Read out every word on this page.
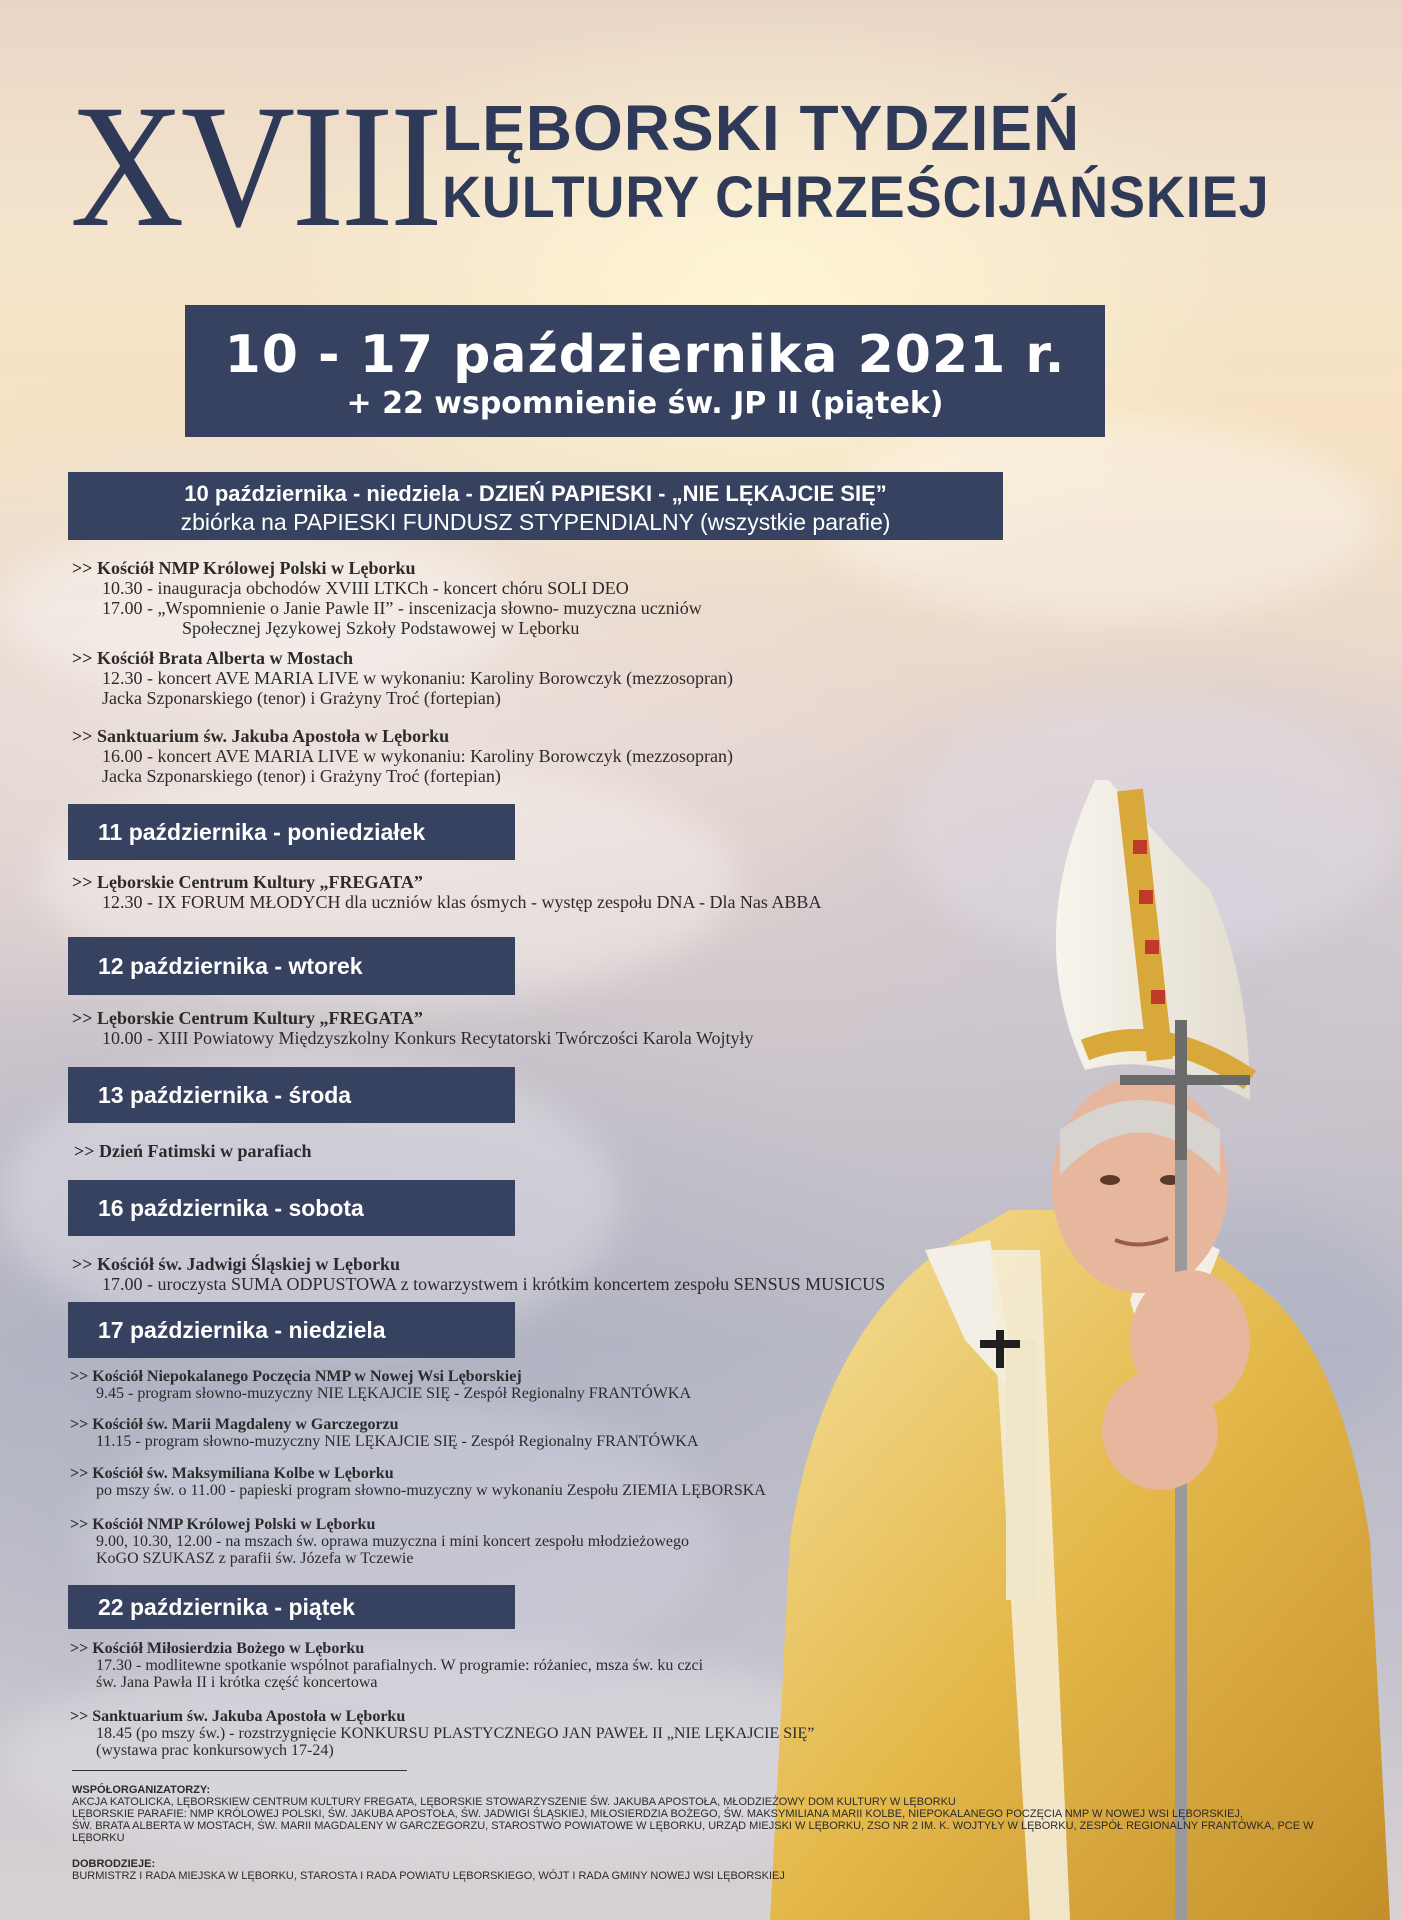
XVIII LĘBORSKI TYDZIEŃ
KULTURY CHRZEŚCIJAŃSKIEJ
10 - 17 października 2021 r.
+ 22 wspomnienie św. JP II (piątek)
10 października - niedziela - DZIEŃ PAPIESKI - „NIE LĘKAJCIE SIĘ”
zbiórka na PAPIESKI FUNDUSZ STYPENDIALNY (wszystkie parafie)
>> Kościół NMP Królowej Polski w Lęborku
10.30 - inauguracja obchodów XVIII LTKCh - koncert chóru SOLI DEO
17.00 - „Wspomnienie o Janie Pawle II” - inscenizacja słowno- muzyczna uczniów
Społecznej Językowej Szkoły Podstawowej w Lęborku
>> Kościół Brata Alberta w Mostach
12.30 - koncert AVE MARIA LIVE w wykonaniu: Karoliny Borowczyk (mezzosopran)
Jacka Szponarskiego (tenor) i Grażyny Troć (fortepian)
>> Sanktuarium św. Jakuba Apostoła w Lęborku
16.00 - koncert AVE MARIA LIVE w wykonaniu: Karoliny Borowczyk (mezzosopran)
Jacka Szponarskiego (tenor) i Grażyny Troć (fortepian)
11 października - poniedziałek
>> Lęborskie Centrum Kultury „FREGATA”
12.30 - IX FORUM MŁODYCH dla uczniów klas ósmych - występ zespołu DNA - Dla Nas ABBA
12 października - wtorek
>> Lęborskie Centrum Kultury „FREGATA”
10.00 - XIII Powiatowy Międzyszkolny Konkurs Recytatorski Twórczości Karola Wojtyły
13 października - środa
>> Dzień Fatimski w parafiach
16 października - sobota
>> Kościół św. Jadwigi Śląskiej w Lęborku
17.00 - uroczysta SUMA ODPUSTOWA z towarzystwem i krótkim koncertem zespołu SENSUS MUSICUS
17 października - niedziela
>> Kościół Niepokalanego Poczęcia NMP w Nowej Wsi Lęborskiej
9.45 - program słowno-muzyczny NIE LĘKAJCIE SIĘ - Zespół Regionalny FRANTÓWKA
>> Kościół św. Marii Magdaleny w Garczegorzu
11.15 - program słowno-muzyczny NIE LĘKAJCIE SIĘ - Zespół Regionalny FRANTÓWKA
>> Kościół św. Maksymiliana Kolbe w Lęborku
po mszy św. o 11.00 - papieski program słowno-muzyczny w wykonaniu Zespołu ZIEMIA LĘBORSKA
>> Kościół NMP Królowej Polski w Lęborku
9.00, 10.30, 12.00 - na mszach św. oprawa muzyczna i mini koncert zespołu młodzieżowego
KoGO SZUKASZ z parafii św. Józefa w Tczewie
22 października - piątek
>> Kościół Miłosierdzia Bożego w Lęborku
17.30 - modlitewne spotkanie wspólnot parafialnych. W programie: różaniec, msza św. ku czci
św. Jana Pawła II i krótka część koncertowa
>> Sanktuarium św. Jakuba Apostoła w Lęborku
18.45 (po mszy św.) - rozstrzygnięcie KONKURSU PLASTYCZNEGO JAN PAWEŁ II „NIE LĘKAJCIE SIĘ”
(wystawa prac konkursowych 17-24)
WSPÓŁORGANIZATORZY:
AKCJA KATOLICKA, LĘBORSKIEW CENTRUM KULTURY FREGATA, LĘBORSKIE STOWARZYSZENIE ŚW. JAKUBA APOSTOŁA, MŁODZIEŻOWY DOM KULTURY W LĘBORKU
LĘBORSKIE PARAFIE: NMP KRÓLOWEJ POLSKI, ŚW. JAKUBA APOSTOŁA, ŚW. JADWIGI ŚLĄSKIEJ, MIŁOSIERDZIA BOŻEGO, ŚW. MAKSYMILIANA MARII KOLBE, NIEPOKALANEGO POCZĘCIA NMP W NOWEJ WSI LĘBORSKIEJ,
ŚW. BRATA ALBERTA W MOSTACH, ŚW. MARII MAGDALENY W GARCZEGORZU, STAROSTWO POWIATOWE W LĘBORKU, URZĄD MIEJSKI W LĘBORKU, ZSO NR 2 IM. K. WOJTYŁY W LĘBORKU, ZESPÓŁ REGIONALNY FRANTÓWKA, PCE W LĘBORKU
DOBRODZIEJE:
BURMISTRZ I RADA MIEJSKA W LĘBORKU, STAROSTA I RADA POWIATU LĘBORSKIEGO, WÓJT I RADA GMINY NOWEJ WSI LĘBORSKIEJ
